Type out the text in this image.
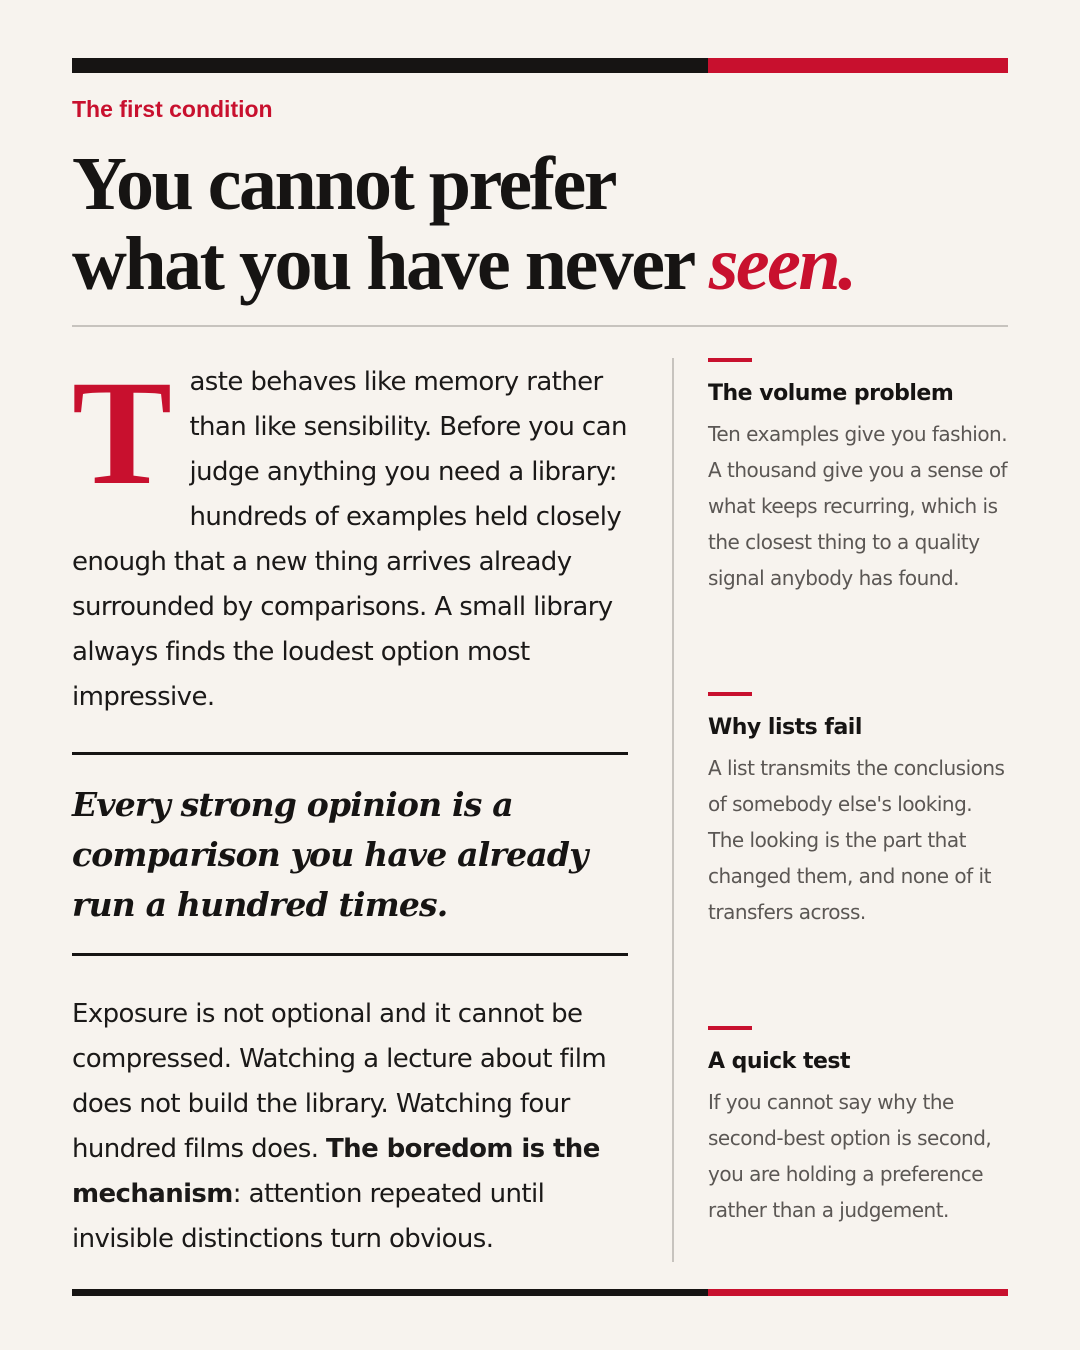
The first condition
You cannot prefer
what you have never seen.

Taste behaves like memory rather than like sensibility. Before you can judge anything you need a library: hundreds of examples held closely enough that a new thing arrives already surrounded by comparisons. A small library always finds the loudest option most impressive.

Every strong opinion is a comparison you have already run a hundred times.

Exposure is not optional and it cannot be compressed. Watching a lecture about film does not build the library. Watching four hundred films does. The boredom is the mechanism: attention repeated until invisible distinctions turn obvious.

The volume problem

Ten examples give you fashion. A thousand give you a sense of what keeps recurring, which is the closest thing to a quality signal anybody has found.

Why lists fail

A list transmits the conclusions of somebody else's looking. The looking is the part that changed them, and none of it transfers across.

A quick test

If you cannot say why the second-best option is second, you are holding a preference rather than a judgement.
